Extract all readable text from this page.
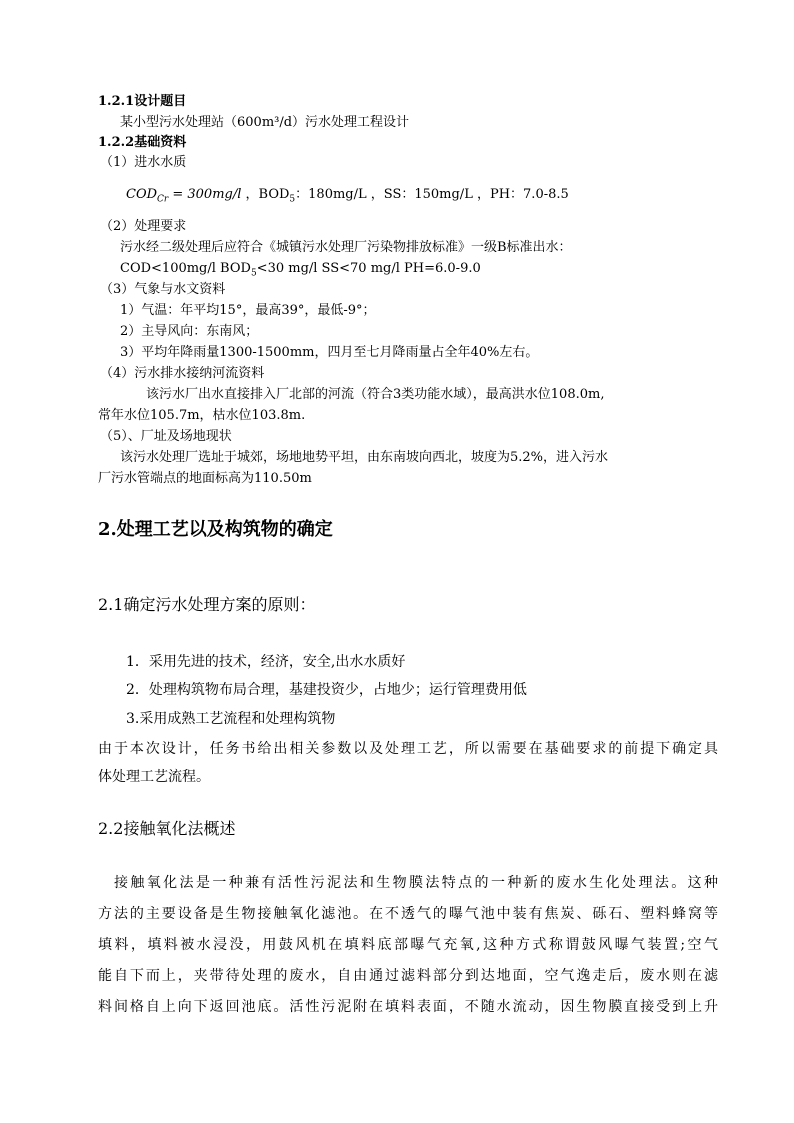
1.2.1设计题目
某小型污水处理站（600m³/d）污水处理工程设计
1.2.2基础资料
（1）进水水质
$COD_{Cr} = 300mg/l$ ，$BOD_5$：180mg/L ，SS：150mg/L ，PH：7.0-8.5
（2）处理要求
污水经二级处理后应符合《城镇污水处理厂污染物排放标准》一级B标准出水：
COD<100mg/l $BOD_5<30$ mg/l SS<70 mg/l PH=6.0-9.0
（3）气象与水文资料
1）气温：年平均15°，最高39°，最低-9°；
2）主导风向：东南风；
3）平均年降雨量1300-1500mm，四月至七月降雨量占全年40%左右。
（4）污水排水接纳河流资料
该污水厂出水直接排入厂北部的河流（符合3类功能水域），最高洪水位108.0m,
常年水位105.7m，枯水位103.8m.
（5）、厂址及场地现状
该污水处理厂选址于城郊，场地地势平坦，由东南坡向西北，坡度为5.2%，进入污水
厂污水管端点的地面标高为110.50m
2.处理工艺以及构筑物的确定
2.1确定污水处理方案的原则：
1．采用先进的技术，经济，安全,出水水质好
2．处理构筑物布局合理，基建投资少，占地少；运行管理费用低
3.采用成熟工艺流程和处理构筑物
由于本次设计，任务书给出相关参数以及处理工艺，所以需要在基础要求的前提下确定具
体处理工艺流程。
2.2接触氧化法概述
接触氧化法是一种兼有活性污泥法和生物膜法特点的一种新的废水生化处理法。这种
方法的主要设备是生物接触氧化滤池。在不透气的曝气池中装有焦炭、砾石、塑料蜂窝等
填料，填料被水浸没，用鼓风机在填料底部曝气充氧,这种方式称谓鼓风曝气装置;空气
能自下而上，夹带待处理的废水，自由通过滤料部分到达地面，空气逸走后，废水则在滤
料间格自上向下返回池底。活性污泥附在填料表面，不随水流动，因生物膜直接受到上升
